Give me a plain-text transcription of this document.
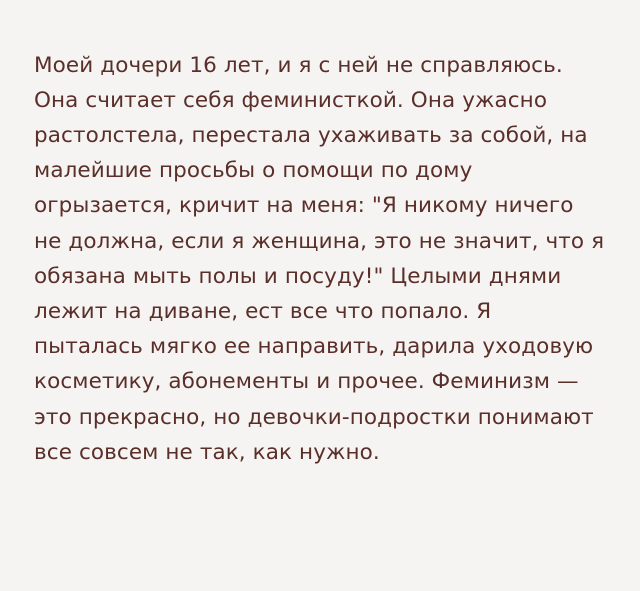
Моей дочери 16 лет, и я с ней не справляюсь. Она считает себя феминисткой. Она ужасно растолстела, перестала ухаживать за собой, на малейшие просьбы о помощи по дому огрызается, кричит на меня: "Я никому ничего не должна, если я женщина, это не значит, что я обязана мыть полы и посуду!" Целыми днями лежит на диване, ест все что попало. Я пыталась мягко ее направить, дарила уходовую косметику, абонементы и прочее. Феминизм — это прекрасно, но девочки-подростки понимают все совсем не так, как нужно.
